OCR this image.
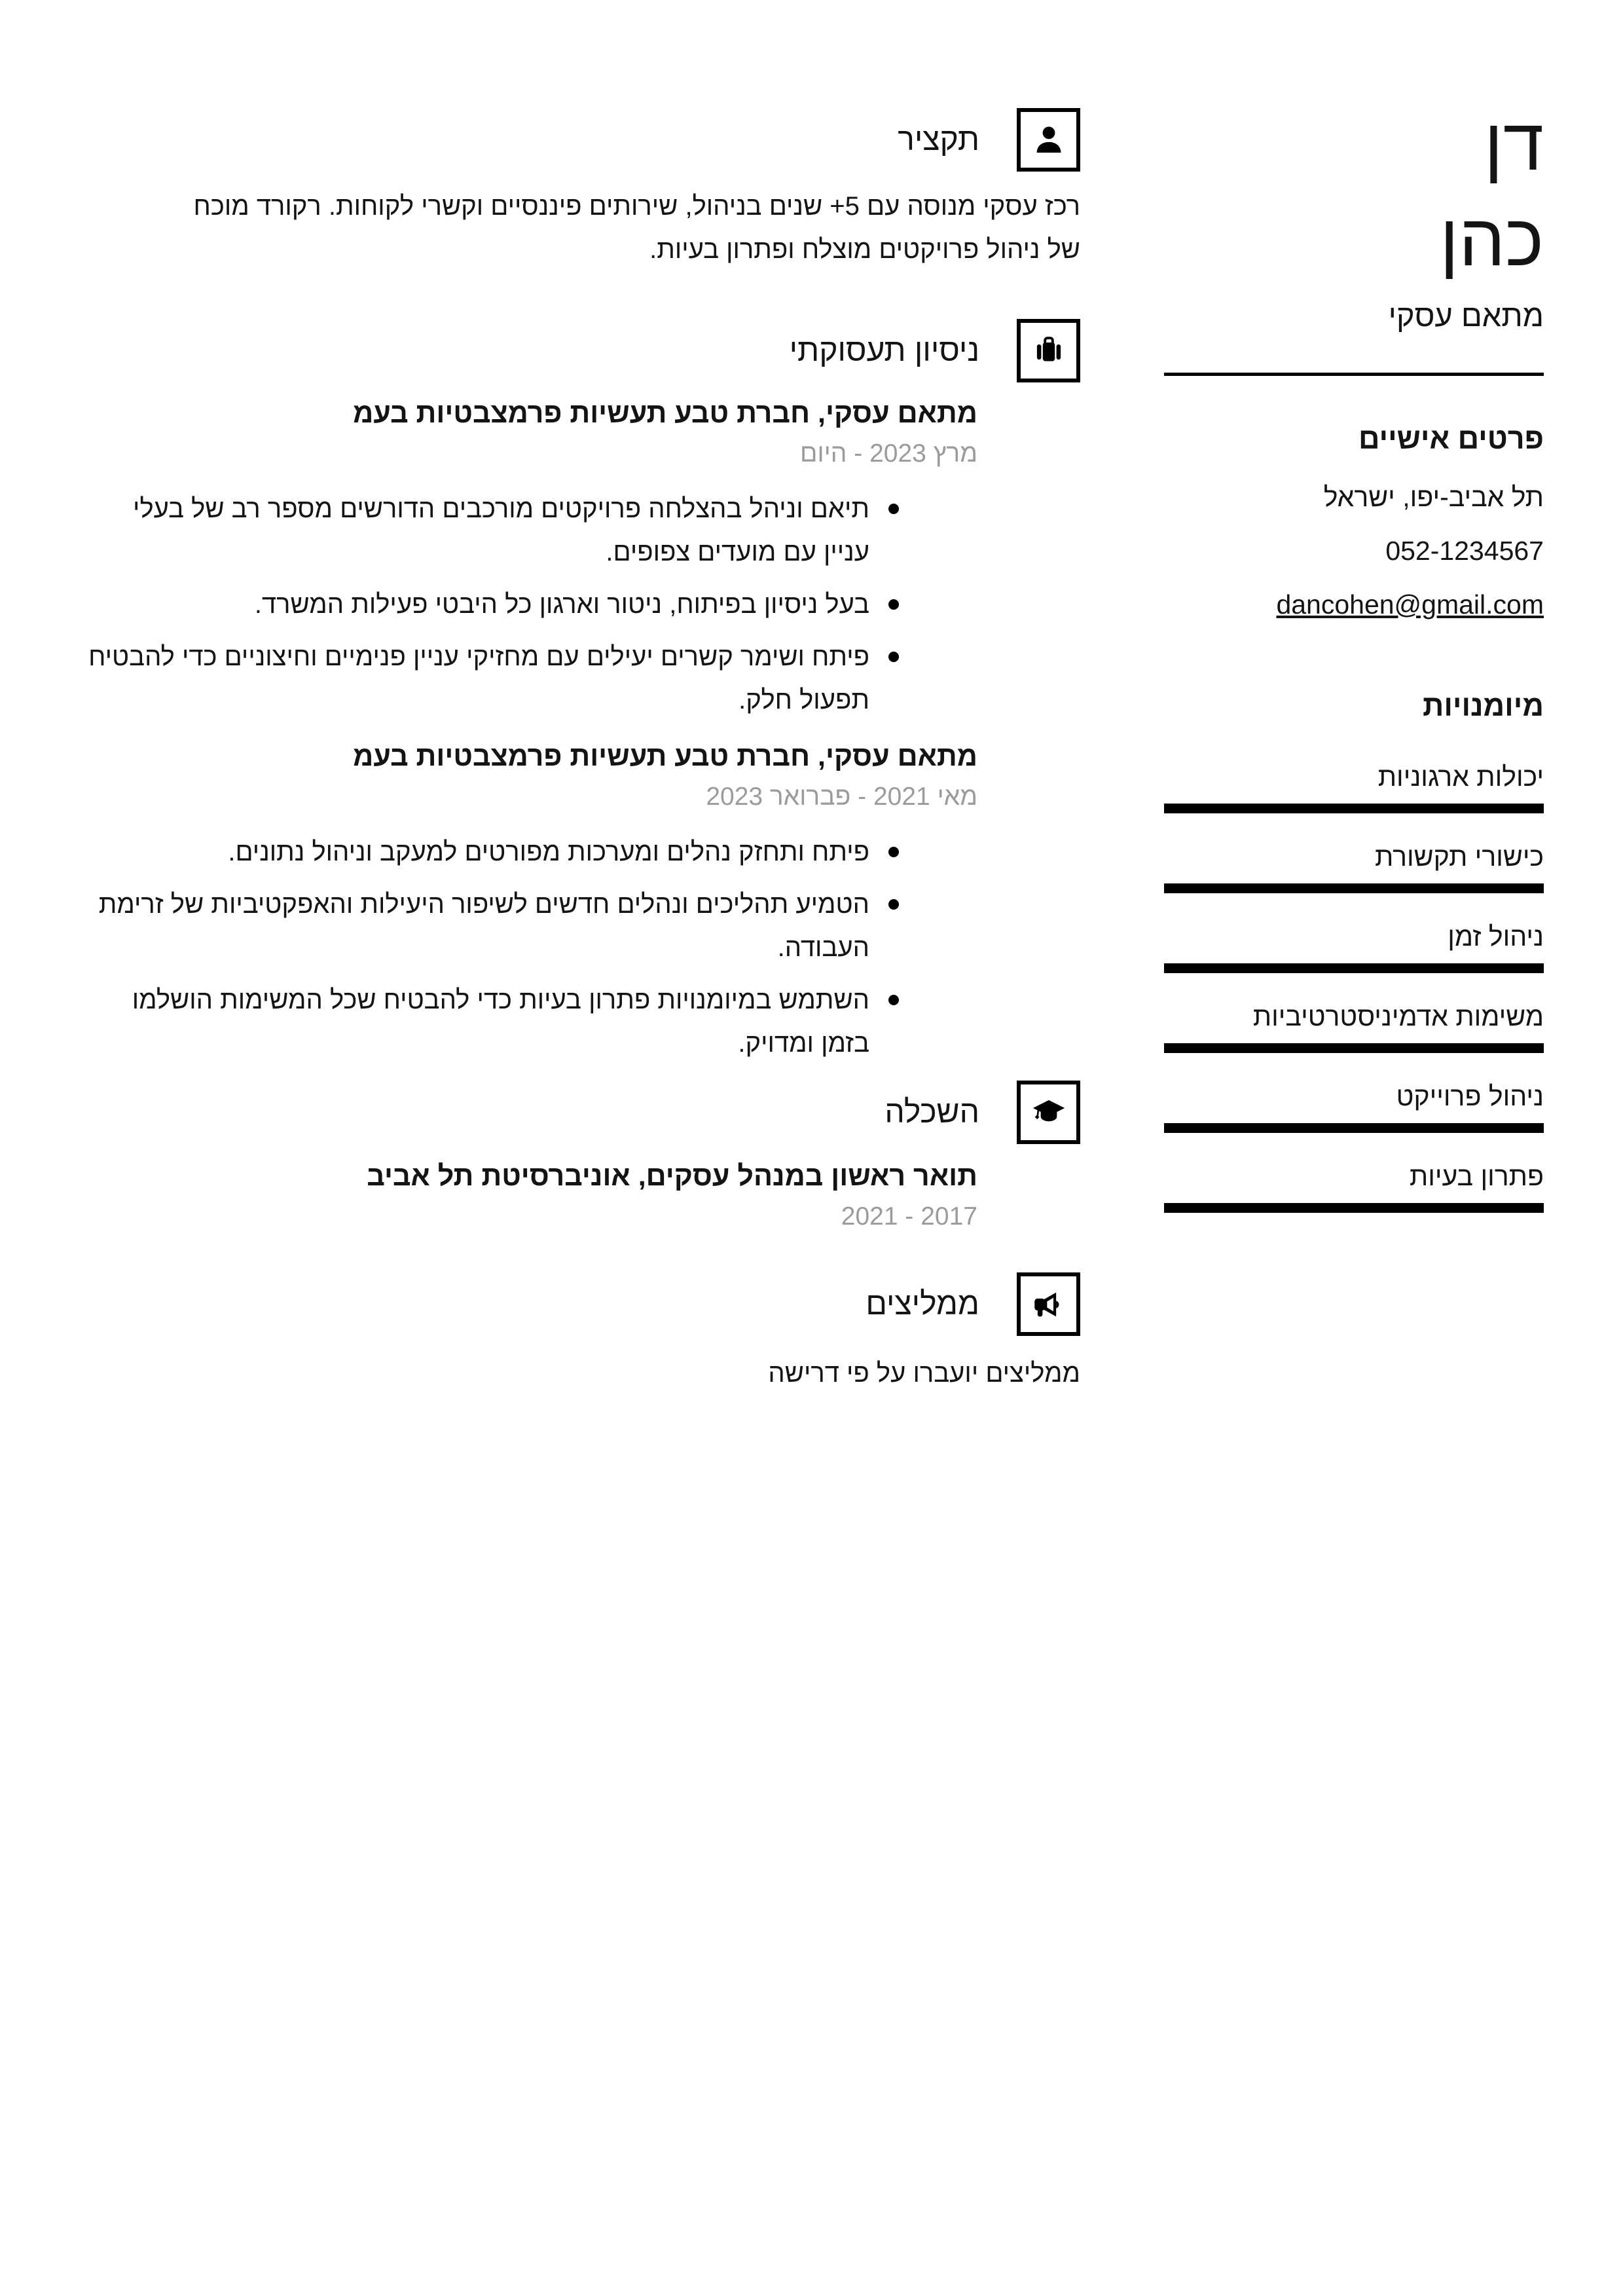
תקציר

רכז עסקי מנוסה עם 5+ שנים בניהול, שירותים פיננסיים וקשרי לקוחות. רקורד מוכח של ניהול פרויקטים מוצלח ופתרון בעיות.

ניסיון תעסוקתי
מתאם עסקי, חברת טבע תעשיות פרמצבטיות בעמ

מרץ 2023 - היום

תיאם וניהל בהצלחה פרויקטים מורכבים הדורשים מספר רב של בעלי עניין עם מועדים צפופים.
בעל ניסיון בפיתוח, ניטור וארגון כל היבטי פעילות המשרד.
פיתח ושימר קשרים יעילים עם מחזיקי עניין פנימיים וחיצוניים כדי להבטיח תפעול חלק.
מתאם עסקי, חברת טבע תעשיות פרמצבטיות בעמ

מאי 2021 - פברואר 2023

פיתח ותחזק נהלים ומערכות מפורטים למעקב וניהול נתונים.
הטמיע תהליכים ונהלים חדשים לשיפור היעילות והאפקטיביות של זרימת העבודה.
השתמש במיומנויות פתרון בעיות כדי להבטיח שכל המשימות הושלמו בזמן ומדויק.
השכלה
תואר ראשון במנהל עסקים, אוניברסיטת תל אביב

2017 - 2021

ממליצים

ממליצים יועברו על פי דרישה

דן
כהן

מתאם עסקי

פרטים אישיים
תל אביב-יפו, ישראל
052-1234567
dancohen@gmail.com
מיומנויות
יכולות ארגוניות
כישורי תקשורת
ניהול זמן
משימות אדמיניסטרטיביות
ניהול פרוייקט
פתרון בעיות
